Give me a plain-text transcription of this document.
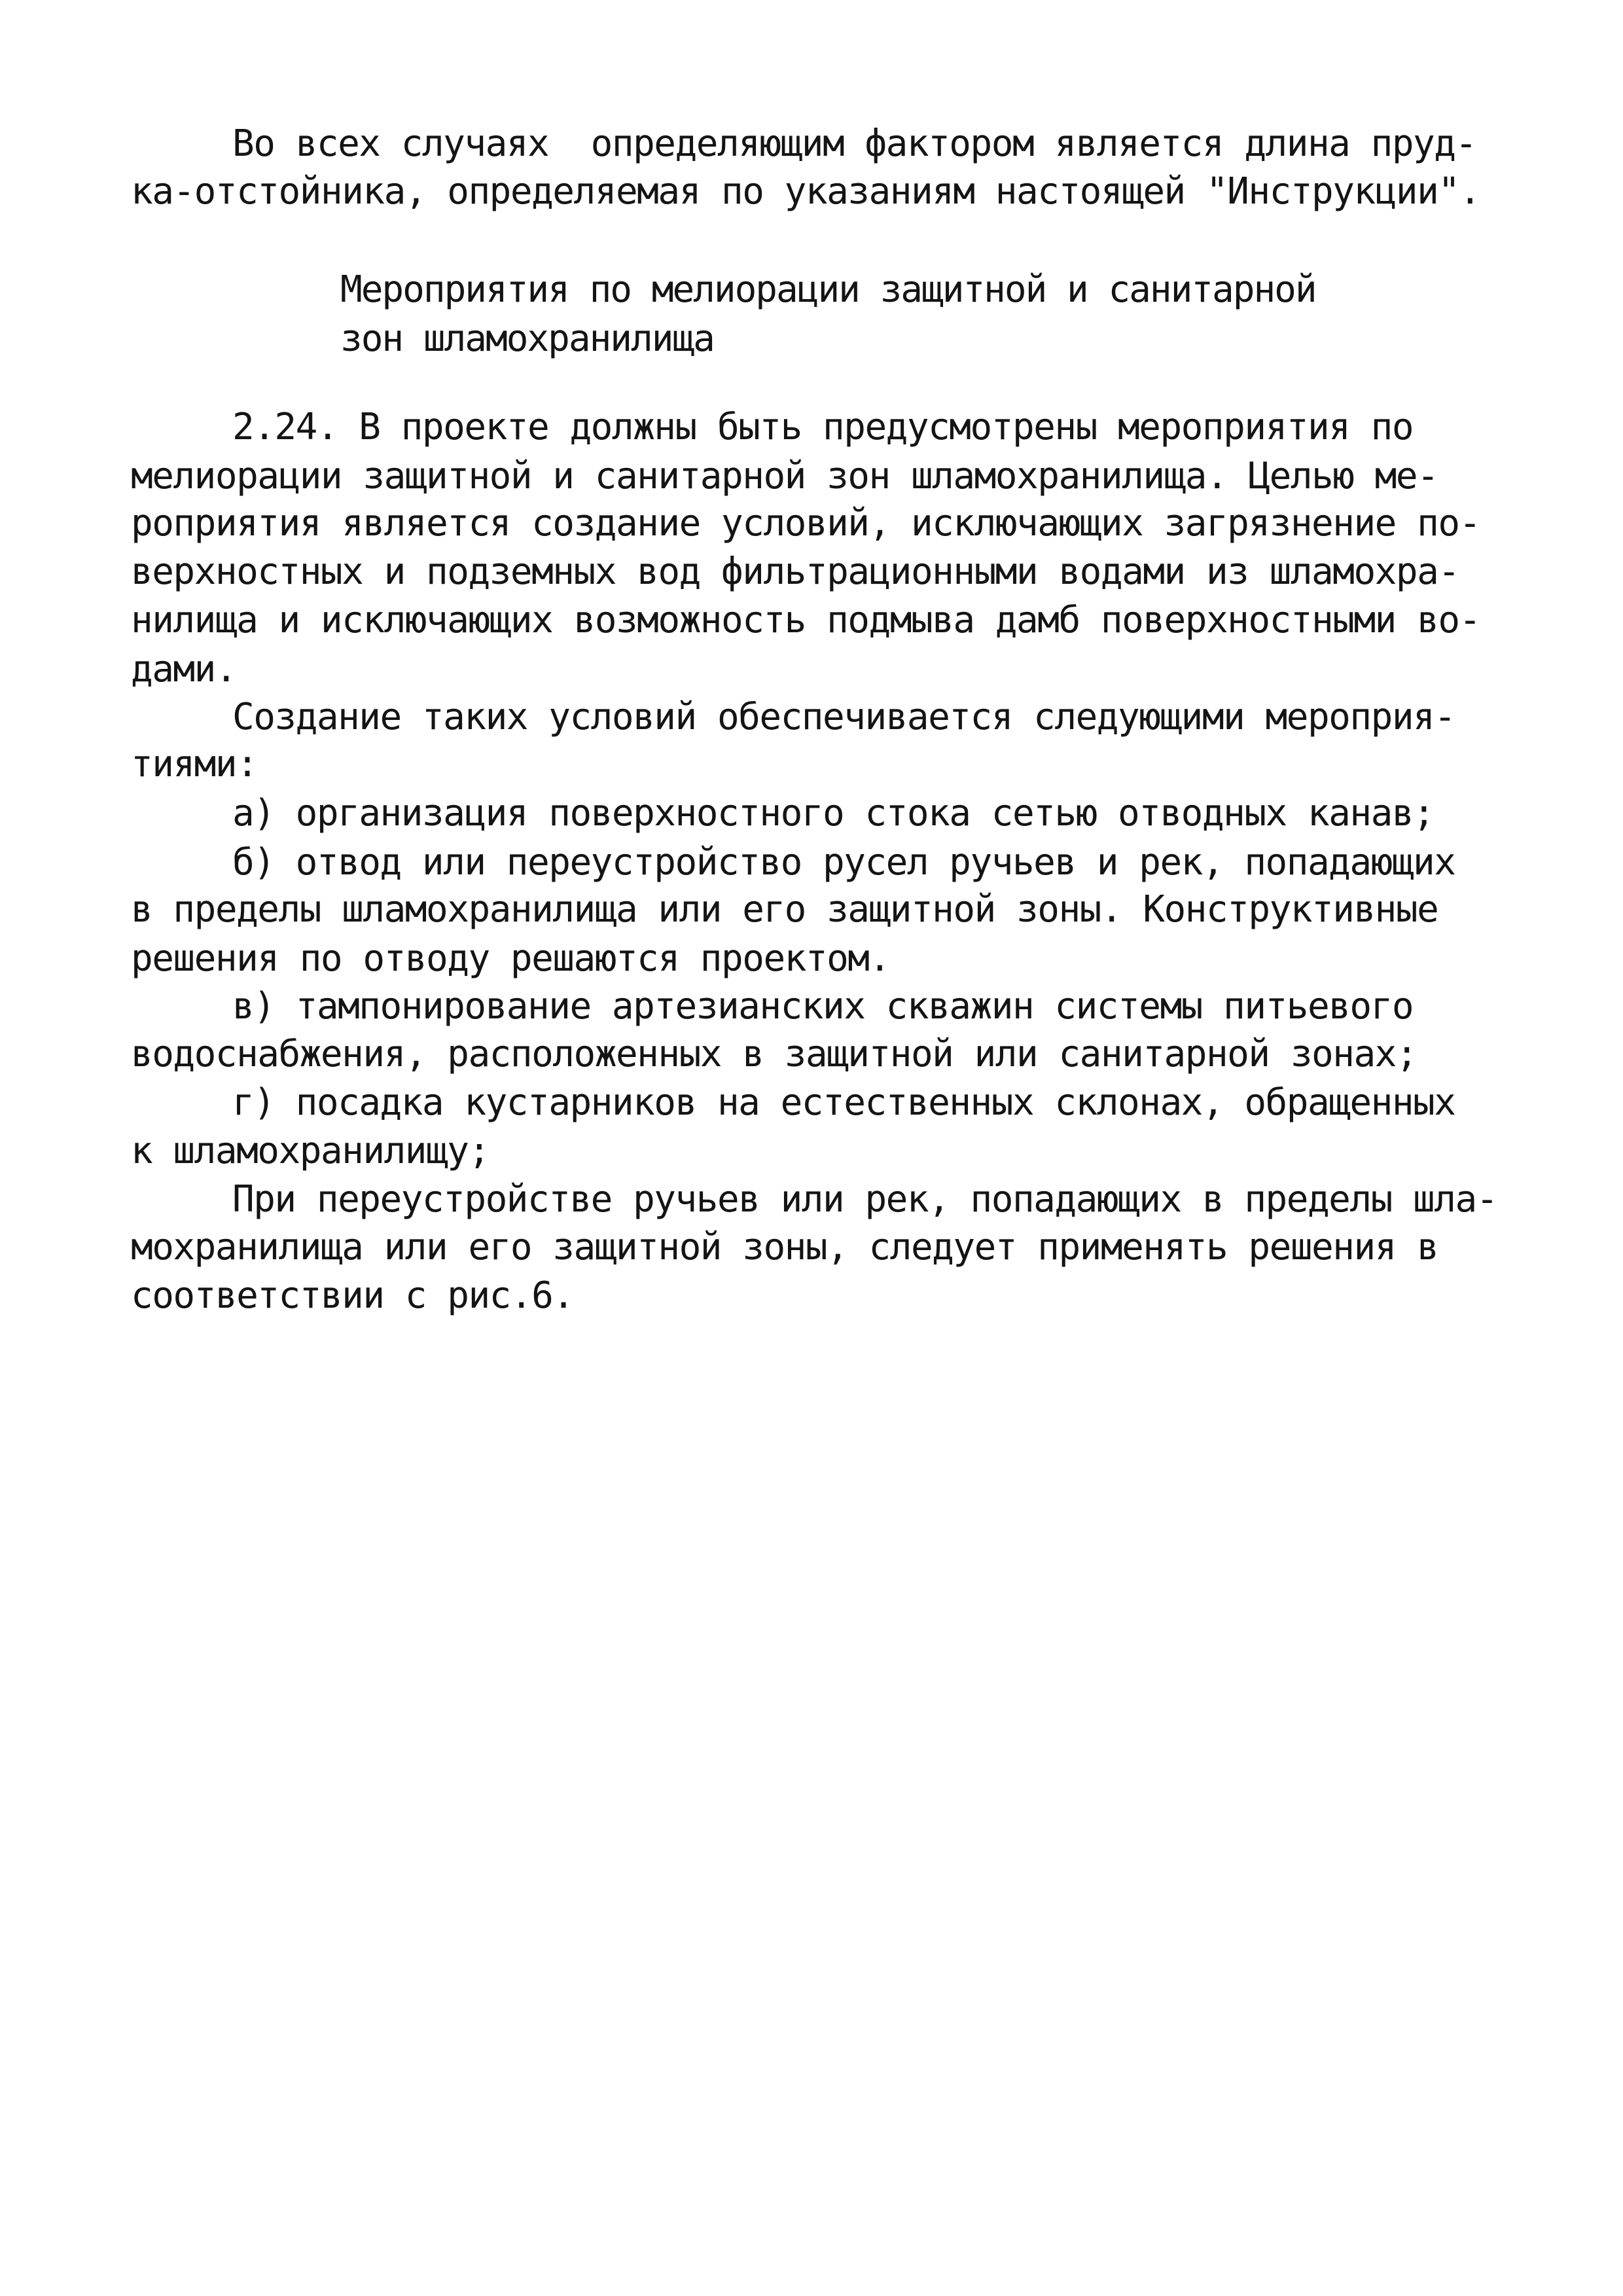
Во всех случаях  определяющим фактором является длина пруд-
ка-отстойника, определяемая по указаниям настоящей "Инструкции".
Мероприятия по мелиорации защитной и санитарной
зон шламохранилища
2.24. В проекте должны быть предусмотрены мероприятия по
мелиорации защитной и санитарной зон шламохранилища. Целью ме-
роприятия является создание условий, исключающих загрязнение по-
верхностных и подземных вод фильтрационными водами из шламохра-
нилища и исключающих возможность подмыва дамб поверхностными во-
дами.
Создание таких условий обеспечивается следующими мероприя-
тиями:
а) организация поверхностного стока сетью отводных канав;
б) отвод или переустройство русел ручьев и рек, попадающих
в пределы шламохранилища или его защитной зоны. Конструктивные
решения по отводу решаются проектом.
в) тампонирование артезианских скважин системы питьевого
водоснабжения, расположенных в защитной или санитарной зонах;
г) посадка кустарников на естественных склонах, обращенных
к шламохранилищу;
При переустройстве ручьев или рек, попадающих в пределы шла-
мохранилища или его защитной зоны, следует применять решения в
соответствии с рис.6.
